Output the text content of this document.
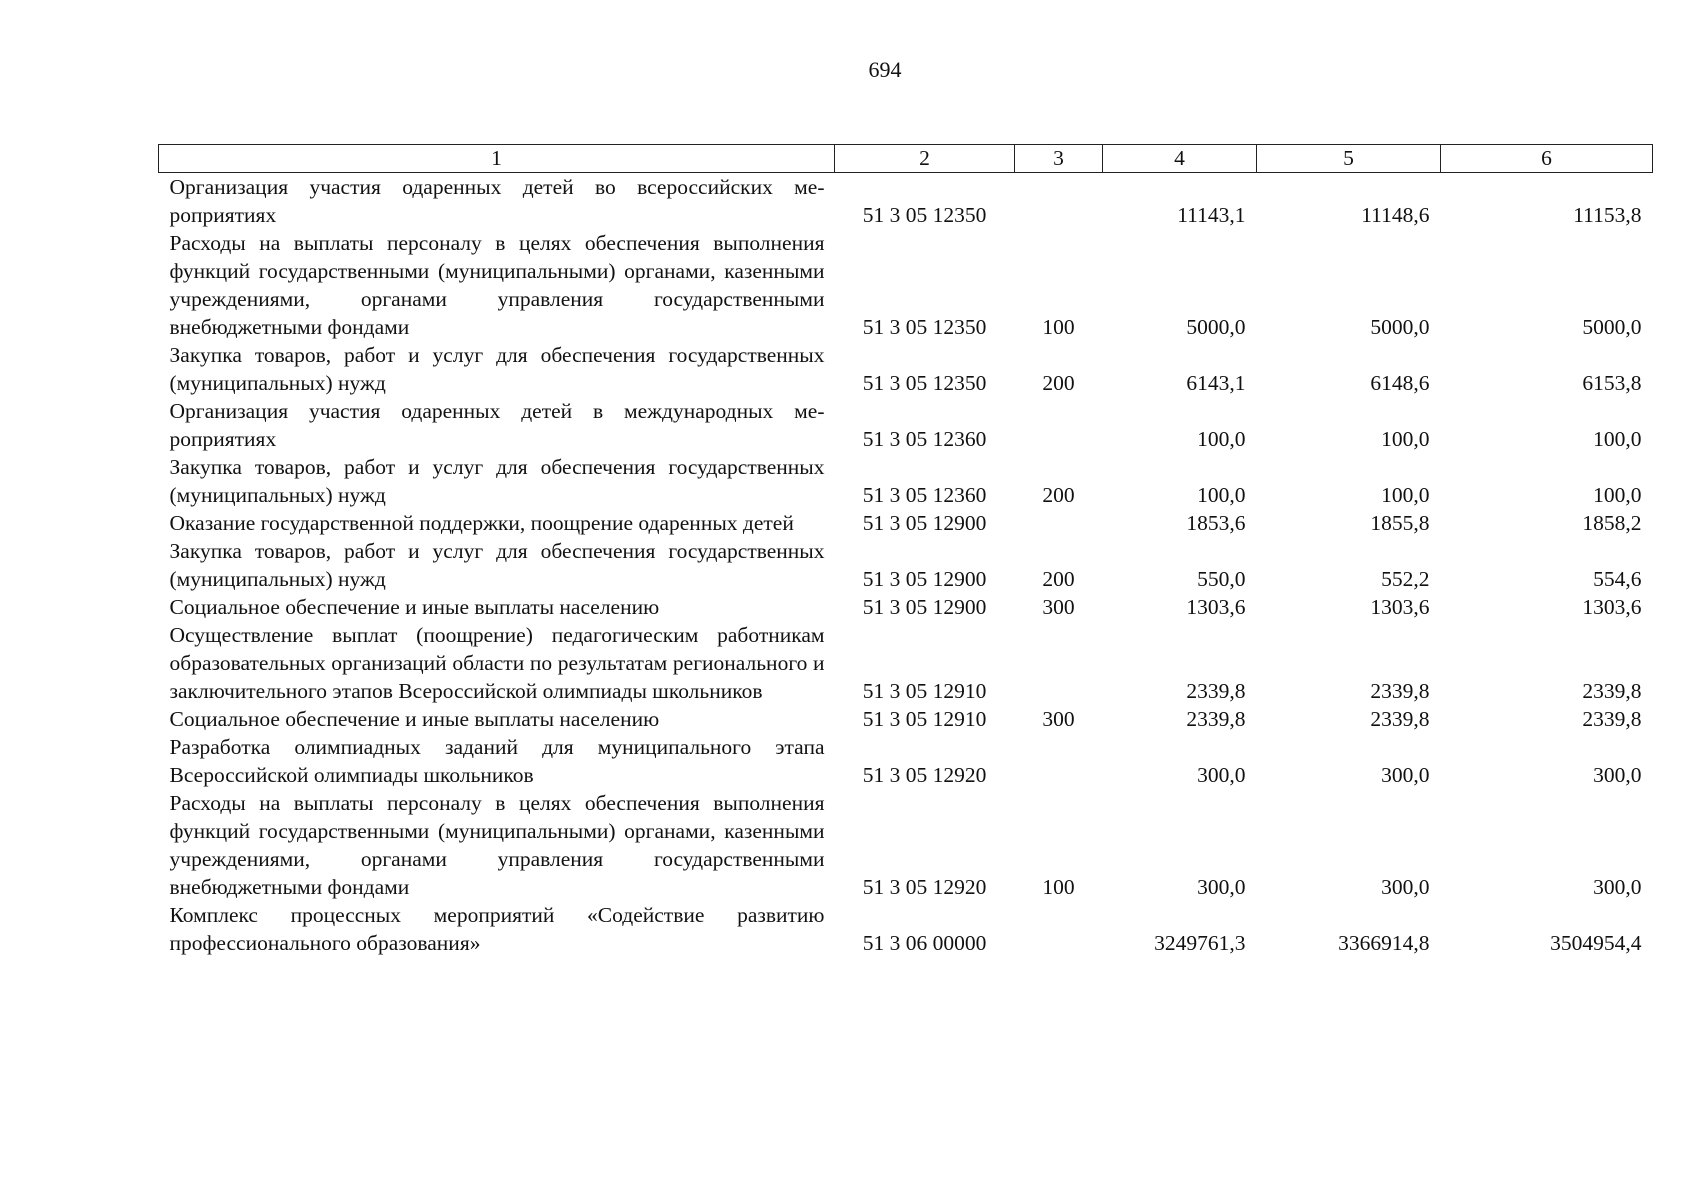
694
1	2	3	4	5	6
Организация участия одаренных детей во всероссийских мероприятиях	51 3 05 12350		11143,1	11148,6	11153,8
Расходы на выплаты персоналу в целях обеспечения выполнения функций государственными (муниципальными) органами, казенными учреждениями, органами управления государственными внебюджетными фондами	51 3 05 12350	100	5000,0	5000,0	5000,0
Закупка товаров, работ и услуг для обеспечения государственных (муниципальных) нужд	51 3 05 12350	200	6143,1	6148,6	6153,8
Организация участия одаренных детей в международных мероприятиях	51 3 05 12360		100,0	100,0	100,0
Закупка товаров, работ и услуг для обеспечения государственных (муниципальных) нужд	51 3 05 12360	200	100,0	100,0	100,0
Оказание государственной поддержки, поощрение одаренных детей	51 3 05 12900		1853,6	1855,8	1858,2
Закупка товаров, работ и услуг для обеспечения государственных (муниципальных) нужд	51 3 05 12900	200	550,0	552,2	554,6
Социальное обеспечение и иные выплаты населению	51 3 05 12900	300	1303,6	1303,6	1303,6
Осуществление выплат (поощрение) педагогическим работникам образовательных организаций области по результатам регионального и заключительного этапов Всероссийской олимпиады школьников	51 3 05 12910		2339,8	2339,8	2339,8
Социальное обеспечение и иные выплаты населению	51 3 05 12910	300	2339,8	2339,8	2339,8
Разработка олимпиадных заданий для муниципального этапа Всероссийской олимпиады школьников	51 3 05 12920		300,0	300,0	300,0
Расходы на выплаты персоналу в целях обеспечения выполнения функций государственными (муниципальными) органами, казенными учреждениями, органами управления государственными внебюджетными фондами	51 3 05 12920	100	300,0	300,0	300,0
Комплекс процессных мероприятий «Содействие развитию профессионального образования»	51 3 06 00000		3249761,3	3366914,8	3504954,4
